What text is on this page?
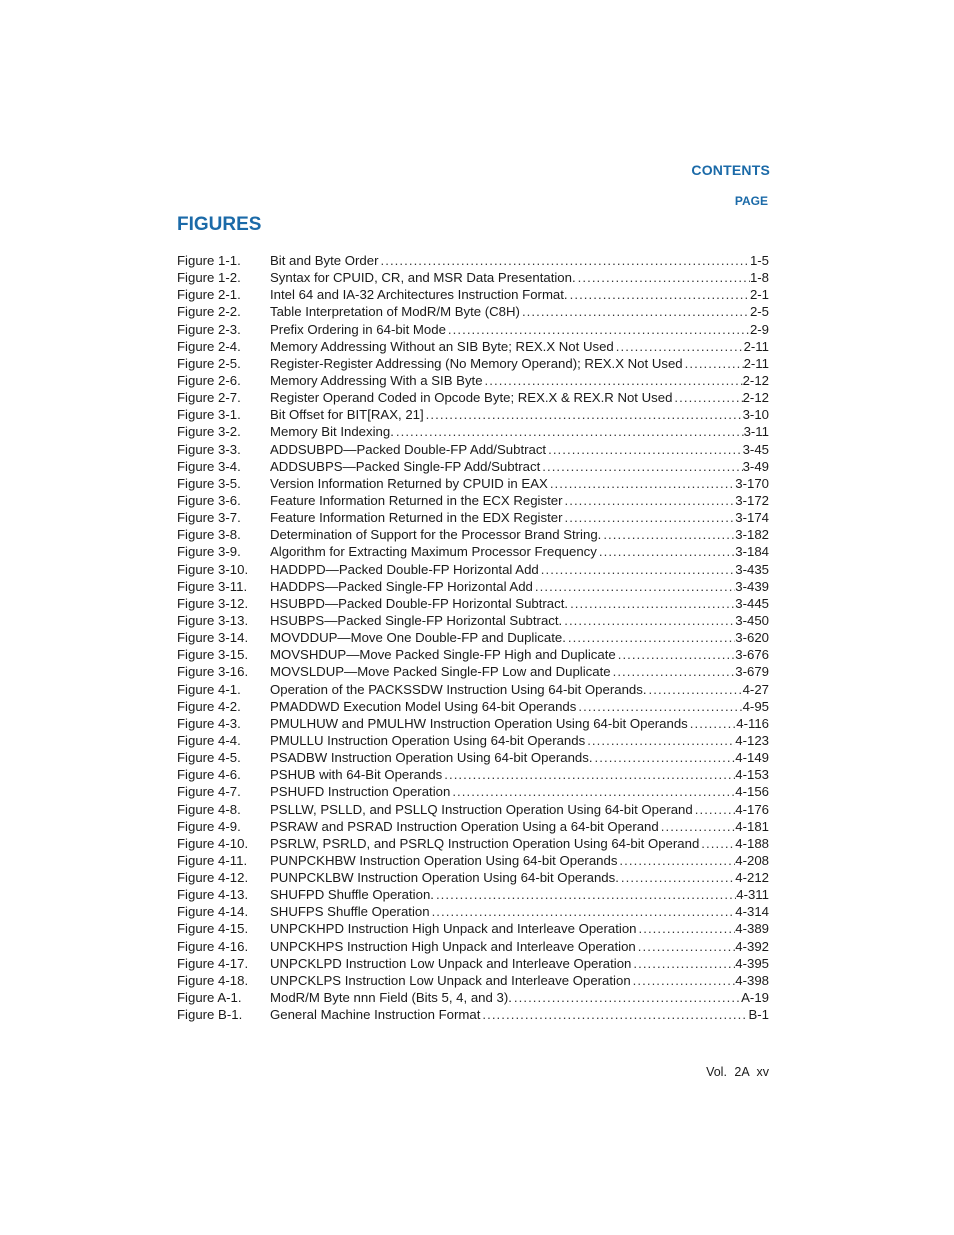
CONTENTS
PAGE
FIGURES
Figure 1-1.	Bit and Byte Order . . .	1-5
Figure 1-2.	Syntax for CPUID, CR, and MSR Data Presentation. . . .	1-8
Figure 2-1.	Intel 64 and IA-32 Architectures Instruction Format. . . .	2-1
Figure 2-2.	Table Interpretation of ModR/M Byte (C8H) . . .	2-5
Figure 2-3.	Prefix Ordering in 64-bit Mode . . .	2-9
Figure 2-4.	Memory Addressing Without an SIB Byte; REX.X Not Used . . .	2-11
Figure 2-5.	Register-Register Addressing (No Memory Operand); REX.X Not Used . . .	2-11
Figure 2-6.	Memory Addressing With a SIB Byte . . .	2-12
Figure 2-7.	Register Operand Coded in Opcode Byte; REX.X & REX.R Not Used . . .	2-12
Figure 3-1.	Bit Offset for BIT[RAX, 21] . . .	3-10
Figure 3-2.	Memory Bit Indexing. . . .	3-11
Figure 3-3.	ADDSUBPD—Packed Double-FP Add/Subtract . . .	3-45
Figure 3-4.	ADDSUBPS—Packed Single-FP Add/Subtract . . .	3-49
Figure 3-5.	Version Information Returned by CPUID in EAX . . .	3-170
Figure 3-6.	Feature Information Returned in the ECX Register . . .	3-172
Figure 3-7.	Feature Information Returned in the EDX Register . . .	3-174
Figure 3-8.	Determination of Support for the Processor Brand String. . . .	3-182
Figure 3-9.	Algorithm for Extracting Maximum Processor Frequency . . .	3-184
Figure 3-10.	HADDPD—Packed Double-FP Horizontal Add . . .	3-435
Figure 3-11.	HADDPS—Packed Single-FP Horizontal Add . . .	3-439
Figure 3-12.	HSUBPD—Packed Double-FP Horizontal Subtract. . . .	3-445
Figure 3-13.	HSUBPS—Packed Single-FP Horizontal Subtract. . . .	3-450
Figure 3-14.	MOVDDUP—Move One Double-FP and Duplicate. . . .	3-620
Figure 3-15.	MOVSHDUP—Move Packed Single-FP High and Duplicate . . .	3-676
Figure 3-16.	MOVSLDUP—Move Packed Single-FP Low and Duplicate . . .	3-679
Figure 4-1.	Operation of the PACKSSDW Instruction Using 64-bit Operands. . . .	4-27
Figure 4-2.	PMADDWD Execution Model Using 64-bit Operands . . .	4-95
Figure 4-3.	PMULHUW and PMULHW Instruction Operation Using 64-bit Operands . . .	4-116
Figure 4-4.	PMULLU Instruction Operation Using 64-bit Operands . . .	4-123
Figure 4-5.	PSADBW Instruction Operation Using 64-bit Operands. . . .	4-149
Figure 4-6.	PSHUB with 64-Bit Operands . . .	4-153
Figure 4-7.	PSHUFD Instruction Operation . . .	4-156
Figure 4-8.	PSLLW, PSLLD, and PSLLQ Instruction Operation Using 64-bit Operand . . .	4-176
Figure 4-9.	PSRAW and PSRAD Instruction Operation Using a 64-bit Operand . . .	4-181
Figure 4-10.	PSRLW, PSRLD, and PSRLQ Instruction Operation Using 64-bit Operand . . .	4-188
Figure 4-11.	PUNPCKHBW Instruction Operation Using 64-bit Operands . . .	4-208
Figure 4-12.	PUNPCKLBW Instruction Operation Using 64-bit Operands. . . .	4-212
Figure 4-13.	SHUFPD Shuffle Operation. . . .	4-311
Figure 4-14.	SHUFPS Shuffle Operation . . .	4-314
Figure 4-15.	UNPCKHPD Instruction High Unpack and Interleave Operation . . .	4-389
Figure 4-16.	UNPCKHPS Instruction High Unpack and Interleave Operation . . .	4-392
Figure 4-17.	UNPCKLPD Instruction Low Unpack and Interleave Operation . . .	4-395
Figure 4-18.	UNPCKLPS Instruction Low Unpack and Interleave Operation . . .	4-398
Figure A-1.	ModR/M Byte nnn Field (Bits 5, 4, and 3). . . .	A-19
Figure B-1.	General Machine Instruction Format . . .	B-1
Vol. 2A xv
